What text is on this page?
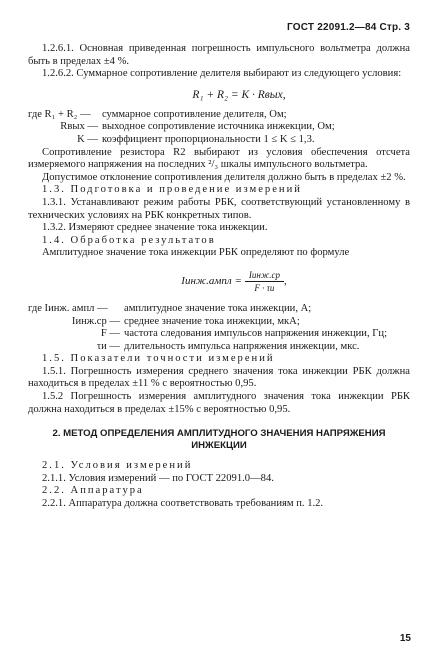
ГОСТ 22091.2—84 Стр. 3

1.2.6.1. Основная приведенная погрешность импульсного вольтметра должна быть в пределах ±4 %.

1.2.6.2. Суммарное сопротивление делителя выбирают из следующего условия:

R₁ + R₂ = K · Rвых,
где R₁ + R₂ —	суммарное сопротивление делителя, Ом;
Rвых — выходное сопротивление источника инжекции, Ом;
K — коэффициент пропорциональности 1 ≤ K ≤ 1,3.

Сопротивление резистора R2 выбирают из условия обеспечения отсчета измеряемого напряжения на последних ²/₃ шкалы импульсного вольтметра.

Допустимое отклонение сопротивления делителя должно быть в пределах ±2 %.

1.3. Подготовка и проведение измерений

1.3.1. Устанавливают режим работы РБК, соответствующий установленному в технических условиях на РБК конкретных типов.

1.3.2. Измеряют среднее значение тока инжекции.

1.4. Обработка результатов

Амплитудное значение тока инжекции РБК определяют по формуле

Iинж.ампл = $\frac{\text{Iинж.ср}}{F \cdot \tau и}$ ,
где Iинж. ампл —	амплитудное значение тока инжекции, А;
Iинж.ср — среднее значение тока инжекции, мкА;
F — частота следования импульсов напряжения инжекции, Гц;
τи — длительность импульса напряжения инжекции, мкс.

1.5. Показатели точности измерений

1.5.1. Погрешность измерения среднего значения тока инжекции РБК должна находиться в пределах ±11 % с вероятностью 0,95.

1.5.2 Погрешность измерения амплитудного значения тока инжекции РБК должна находиться в пределах ±15% с вероятностью 0,95.

2. МЕТОД ОПРЕДЕЛЕНИЯ АМПЛИТУДНОГО ЗНАЧЕНИЯ НАПРЯЖЕНИЯ ИНЖЕКЦИИ

2.1. Условия измерений

2.1.1. Условия измерений — по ГОСТ 22091.0—84.

2.2. Аппаратура

2.2.1. Аппаратура должна соответствовать требованиям п. 1.2.

15
